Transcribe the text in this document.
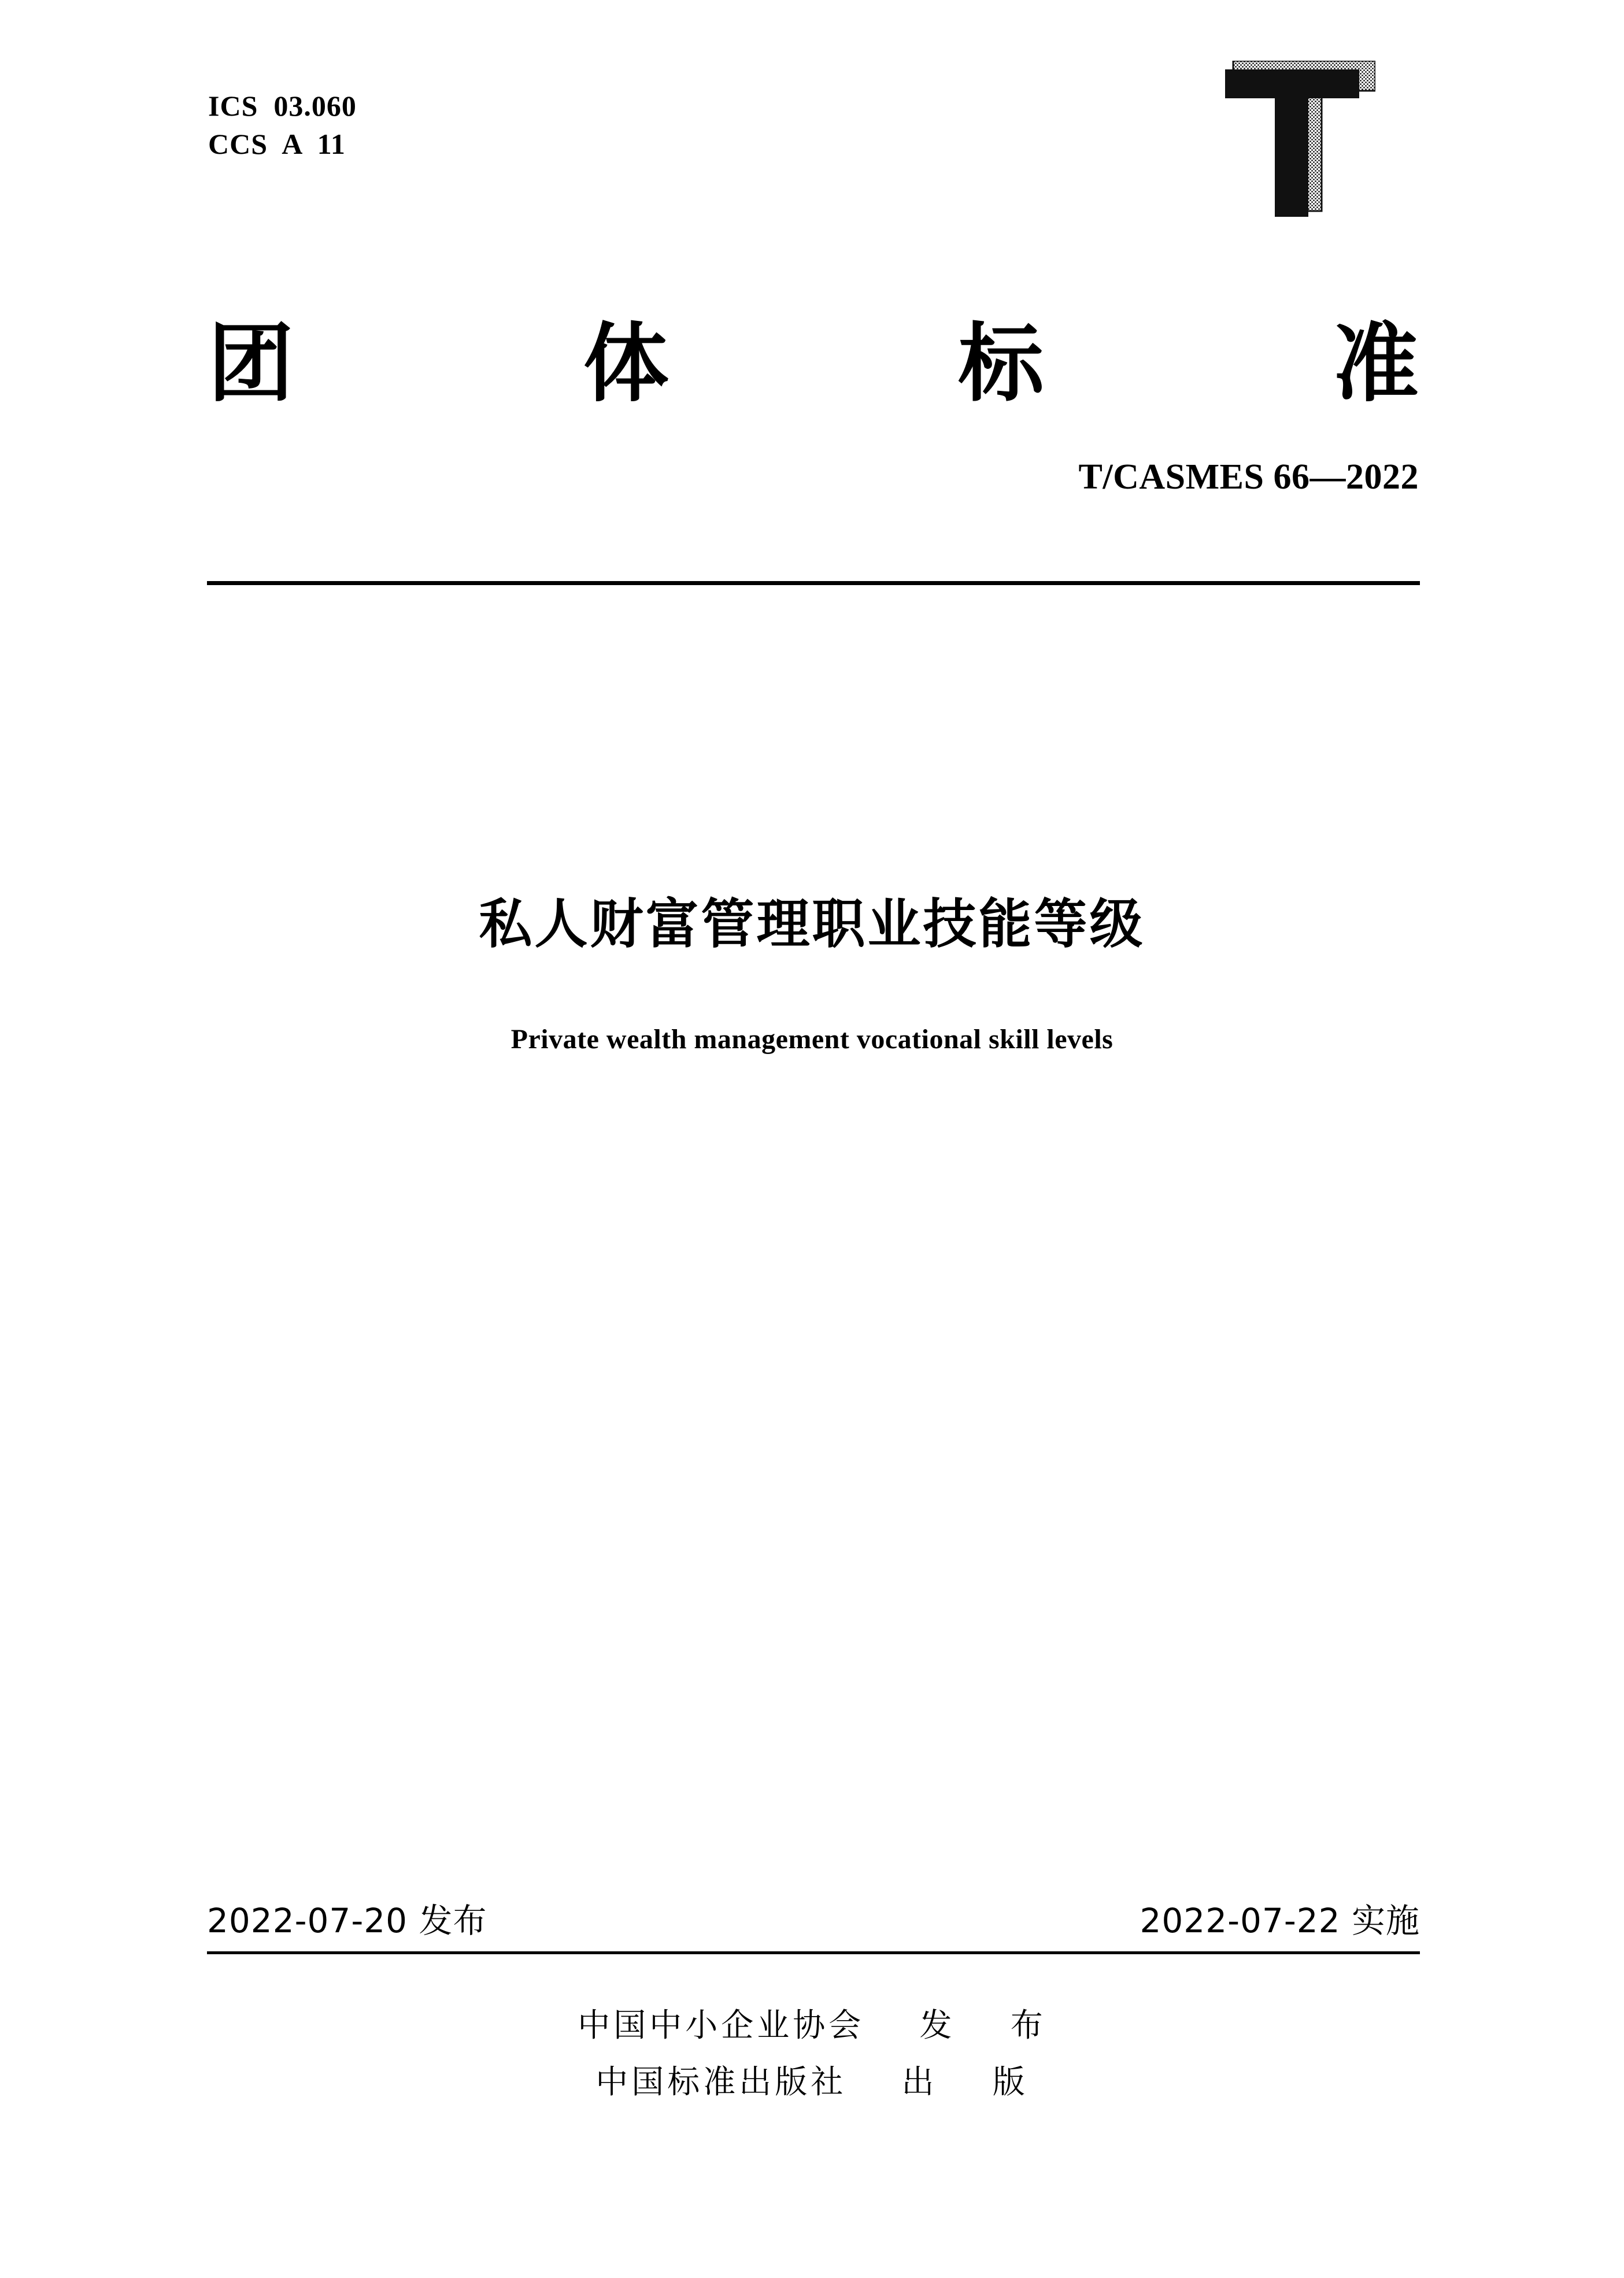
ICS  03.060
CCS  A  11
团	体	标	准
T/CASMES 66—2022
私人财富管理职业技能等级
Private wealth management vocational skill levels
2022-07-20 发布	2022-07-22 实施
中国中小企业协会    发    布
中国标准出版社    出    版
